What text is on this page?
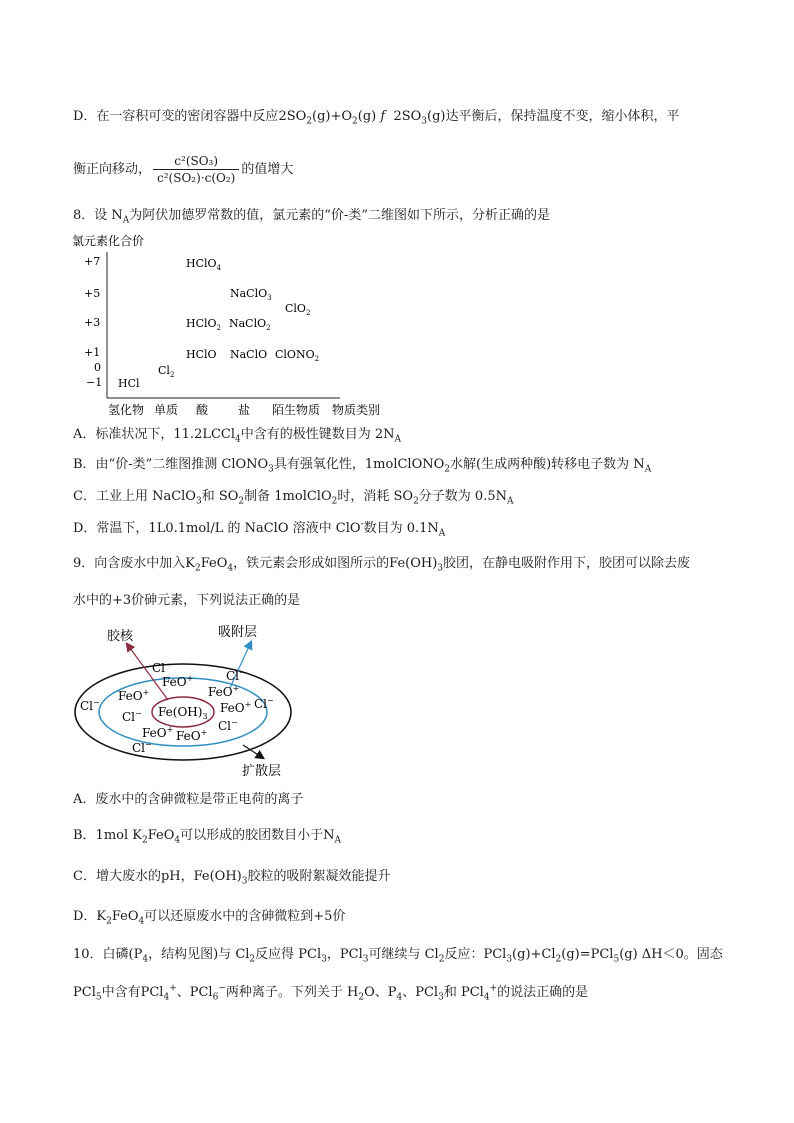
D．在一容积可变的密闭容器中反应$2SO_2(g)+O_2(g)$ f $2SO_3(g)$达平衡后，保持温度不变，缩小体积，平
衡正向移动， $\frac{\text{c²(SO₃)}}{\text{c²(SO₂)·c(O₂)}}$ 的值增大
8．设 $N_A$为阿伏加德罗常数的值，氯元素的“价-类”二维图如下所示，分析正确的是
氯元素化合价
+7
+5
+3
+1
0
−1
HClO$_4$
NaClO$_3$
ClO$_2$
HClO$_2$ NaClO$_2$
HClO NaClO ClONO$_2$
$Cl_2$
HCl
氢化物 单质 酸 盐 陌生物质 物质类别
A．标准状况下，11.2LCCl$_4$中含有的极性键数目为 $2N_A$
B．由“价-类”二维图推测 ClONO$_3$具有强氧化性，1molClONO$_2$水解(生成两种酸)转移电子数为 $N_A$
C．工业上用 NaClO$_3$和 $SO_2$制备 1molClO$_2$时，消耗 $SO_2$分子数为 $0.5N_A$
D．常温下，1L0.1mol/L 的 NaClO 溶液中 ClO-数目为 $0.1N_A$
9．向含废水中加入$K_2FeO_4$，铁元素会形成如图所示的$Fe(OH)_3$胶团，在静电吸附作用下，胶团可以除去废
水中的+3价砷元素，下列说法正确的是
胶核	吸附层
扩散层
$Fe(OH)_3$
FeO+
FeO+
FeO+
FeO+
FeO+ FeO+
Cl−
Cl−
Cl−
Cl−
Cl−
Cl−
Cl−
A．废水中的含砷微粒是带正电荷的离子
B．1mol $K_2FeO_4$可以形成的胶团数目小于$N_A$
C．增大废水的pH，$Fe(OH)_3$胶粒的吸附絮凝效能提升
D．$K_2FeO_4$可以还原废水中的含砷微粒到+5价
10．白磷($P_4$，结构见图)与 $Cl_2$反应得 PCl$_3$，PCl$_3$可继续与 $Cl_2$反应：$PCl_3(g)+Cl_2(g)=PCl_5(g)$ ΔH＜0。固态
PCl$_5$中含有PCl$_4$+、PCl$_6$−两种离子。下列关于 $H_2O$、$P_4$、PCl$_3$和 PCl$_4$+的说法正确的是
